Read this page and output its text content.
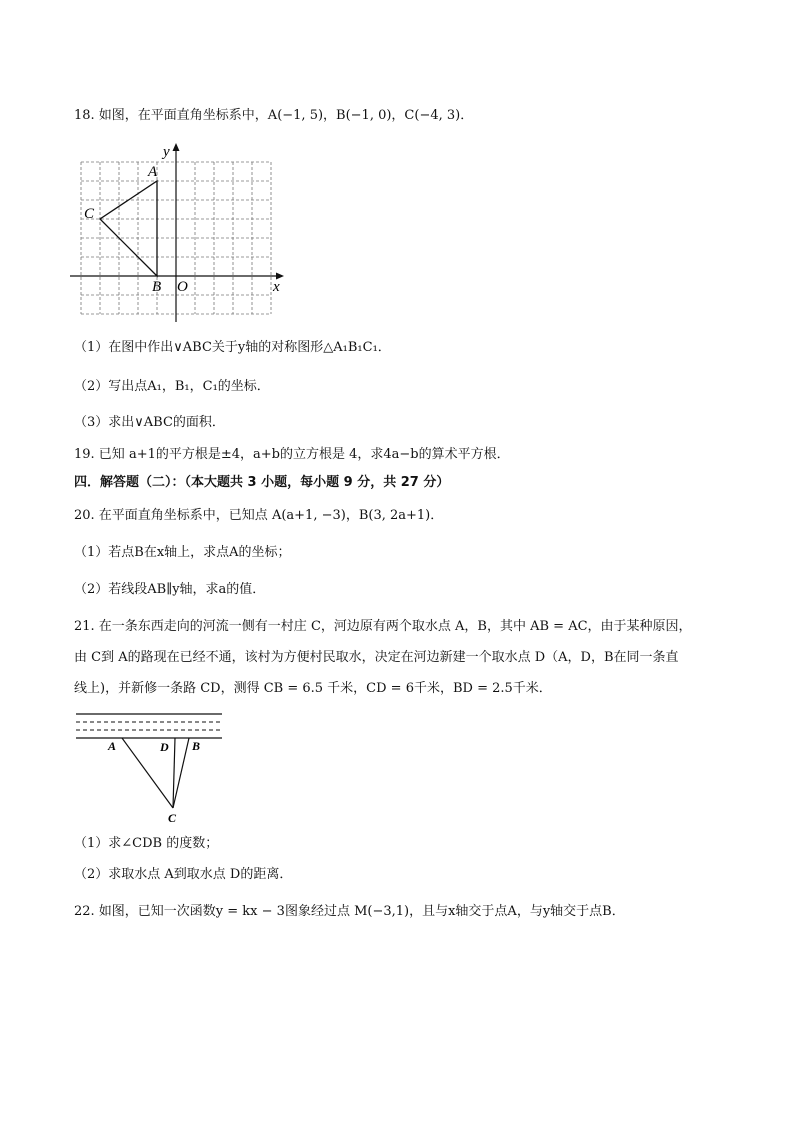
18. 如图，在平面直角坐标系中，A(−1, 5)，B(−1, 0)，C(−4, 3)．
y
A
C
B O	x
（1）在图中作出∨ABC关于y轴的对称图形△A₁B₁C₁．
（2）写出点A₁，B₁，C₁的坐标．
（3）求出∨ABC的面积．
19. 已知 a+1的平方根是±4，a+b的立方根是 4，求4a−b的算术平方根．
四．解答题（二）：（本大题共 3 小题，每小题 9 分，共 27 分）
20. 在平面直角坐标系中，已知点 A(a+1, −3)，B(3, 2a+1)．
（1）若点B在x轴上，求点A的坐标；
（2）若线段AB∥y轴，求a的值．
21. 在一条东西走向的河流一侧有一村庄 C，河边原有两个取水点 A，B，其中 AB = AC，由于某种原因，
由 C到 A的路现在已经不通，该村为方便村民取水，决定在河边新建一个取水点 D（A，D，B在同一条直
线上)，并新修一条路 CD，测得 CB = 6.5 千米，CD = 6千米，BD = 2.5千米．
A	D B
C
（1）求∠CDB 的度数；
（2）求取水点 A到取水点 D的距离．
22. 如图，已知一次函数y = kx − 3图象经过点 M(−3,1)，且与x轴交于点A，与y轴交于点B．
